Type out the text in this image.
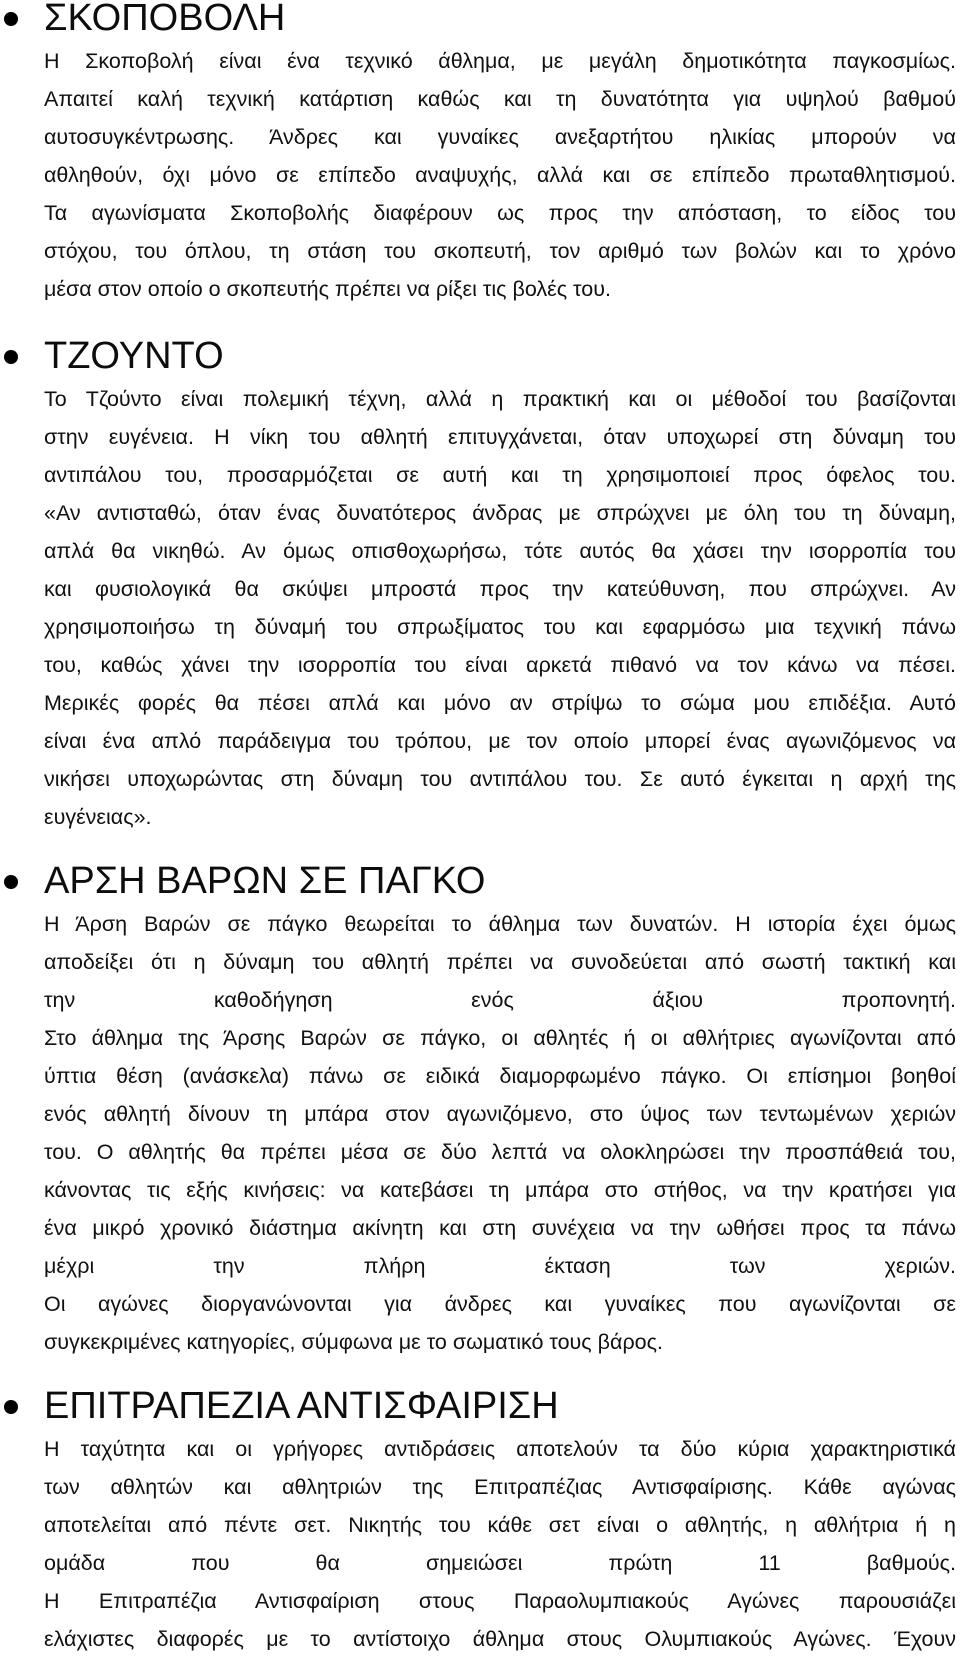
ΣΚΟΠΟΒΟΛΗ
Η Σκοποβολή είναι ένα τεχνικό άθλημα, με μεγάλη δημοτικότητα παγκοσμίως.
Απαιτεί καλή τεχνική κατάρτιση καθώς και τη δυνατότητα για υψηλού βαθμού
αυτοσυγκέντρωσης. Άνδρες και γυναίκες ανεξαρτήτου ηλικίας μπορούν να
αθληθούν, όχι μόνο σε επίπεδο αναψυχής, αλλά και σε επίπεδο πρωταθλητισμού.
Τα αγωνίσματα Σκοποβολής διαφέρουν ως προς την απόσταση, το είδος του
στόχου, του όπλου, τη στάση του σκοπευτή, τον αριθμό των βολών και το χρόνο
μέσα στον οποίο ο σκοπευτής πρέπει να ρίξει τις βολές του.
ΤΖΟΥΝΤΟ
Το Τζούντο είναι πολεμική τέχνη, αλλά η πρακτική και οι μέθοδοί του βασίζονται
στην ευγένεια. Η νίκη του αθλητή επιτυγχάνεται, όταν υποχωρεί στη δύναμη του
αντιπάλου του, προσαρμόζεται σε αυτή και τη χρησιμοποιεί προς όφελος του.
«Αν αντισταθώ, όταν ένας δυνατότερος άνδρας με σπρώχνει με όλη του τη δύναμη,
απλά θα νικηθώ. Αν όμως οπισθοχωρήσω, τότε αυτός θα χάσει την ισορροπία του
και φυσιολογικά θα σκύψει μπροστά προς την κατεύθυνση, που σπρώχνει. Αν
χρησιμοποιήσω τη δύναμή του σπρωξίματος του και εφαρμόσω μια τεχνική πάνω
του, καθώς χάνει την ισορροπία του είναι αρκετά πιθανό να τον κάνω να πέσει.
Μερικές φορές θα πέσει απλά και μόνο αν στρίψω το σώμα μου επιδέξια. Αυτό
είναι ένα απλό παράδειγμα του τρόπου, με τον οποίο μπορεί ένας αγωνιζόμενος να
νικήσει υποχωρώντας στη δύναμη του αντιπάλου του. Σε αυτό έγκειται η αρχή της
ευγένειας».
ΑΡΣΗ ΒΑΡΩΝ ΣΕ ΠΑΓΚΟ
Η Άρση Βαρών σε πάγκο θεωρείται το άθλημα των δυνατών. Η ιστορία έχει όμως
αποδείξει ότι η δύναμη του αθλητή πρέπει να συνοδεύεται από σωστή τακτική και
την καθοδήγηση ενός άξιου προπονητή.
Στο άθλημα της Άρσης Βαρών σε πάγκο, οι αθλητές ή οι αθλήτριες αγωνίζονται από
ύπτια θέση (ανάσκελα) πάνω σε ειδικά διαμορφωμένο πάγκο. Οι επίσημοι βοηθοί
ενός αθλητή δίνουν τη μπάρα στον αγωνιζόμενο, στο ύψος των τεντωμένων χεριών
του. Ο αθλητής θα πρέπει μέσα σε δύο λεπτά να ολοκληρώσει την προσπάθειά του,
κάνοντας τις εξής κινήσεις: να κατεβάσει τη μπάρα στο στήθος, να την κρατήσει για
ένα μικρό χρονικό διάστημα ακίνητη και στη συνέχεια να την ωθήσει προς τα πάνω
μέχρι την πλήρη έκταση των χεριών.
Οι αγώνες διοργανώνονται για άνδρες και γυναίκες που αγωνίζονται σε
συγκεκριμένες κατηγορίες, σύμφωνα με το σωματικό τους βάρος.
ΕΠΙΤΡΑΠΕΖΙΑ ΑΝΤΙΣΦΑΙΡΙΣΗ
Η ταχύτητα και οι γρήγορες αντιδράσεις αποτελούν τα δύο κύρια χαρακτηριστικά
των αθλητών και αθλητριών της Επιτραπέζιας Αντισφαίρισης. Κάθε αγώνας
αποτελείται από πέντε σετ. Νικητής του κάθε σετ είναι ο αθλητής, η αθλήτρια ή η
ομάδα που θα σημειώσει πρώτη 11 βαθμούς.
Η Επιτραπέζια Αντισφαίριση στους Παραολυμπιακούς Αγώνες παρουσιάζει
ελάχιστες διαφορές με το αντίστοιχο άθλημα στους Ολυμπιακούς Αγώνες. Έχουν
